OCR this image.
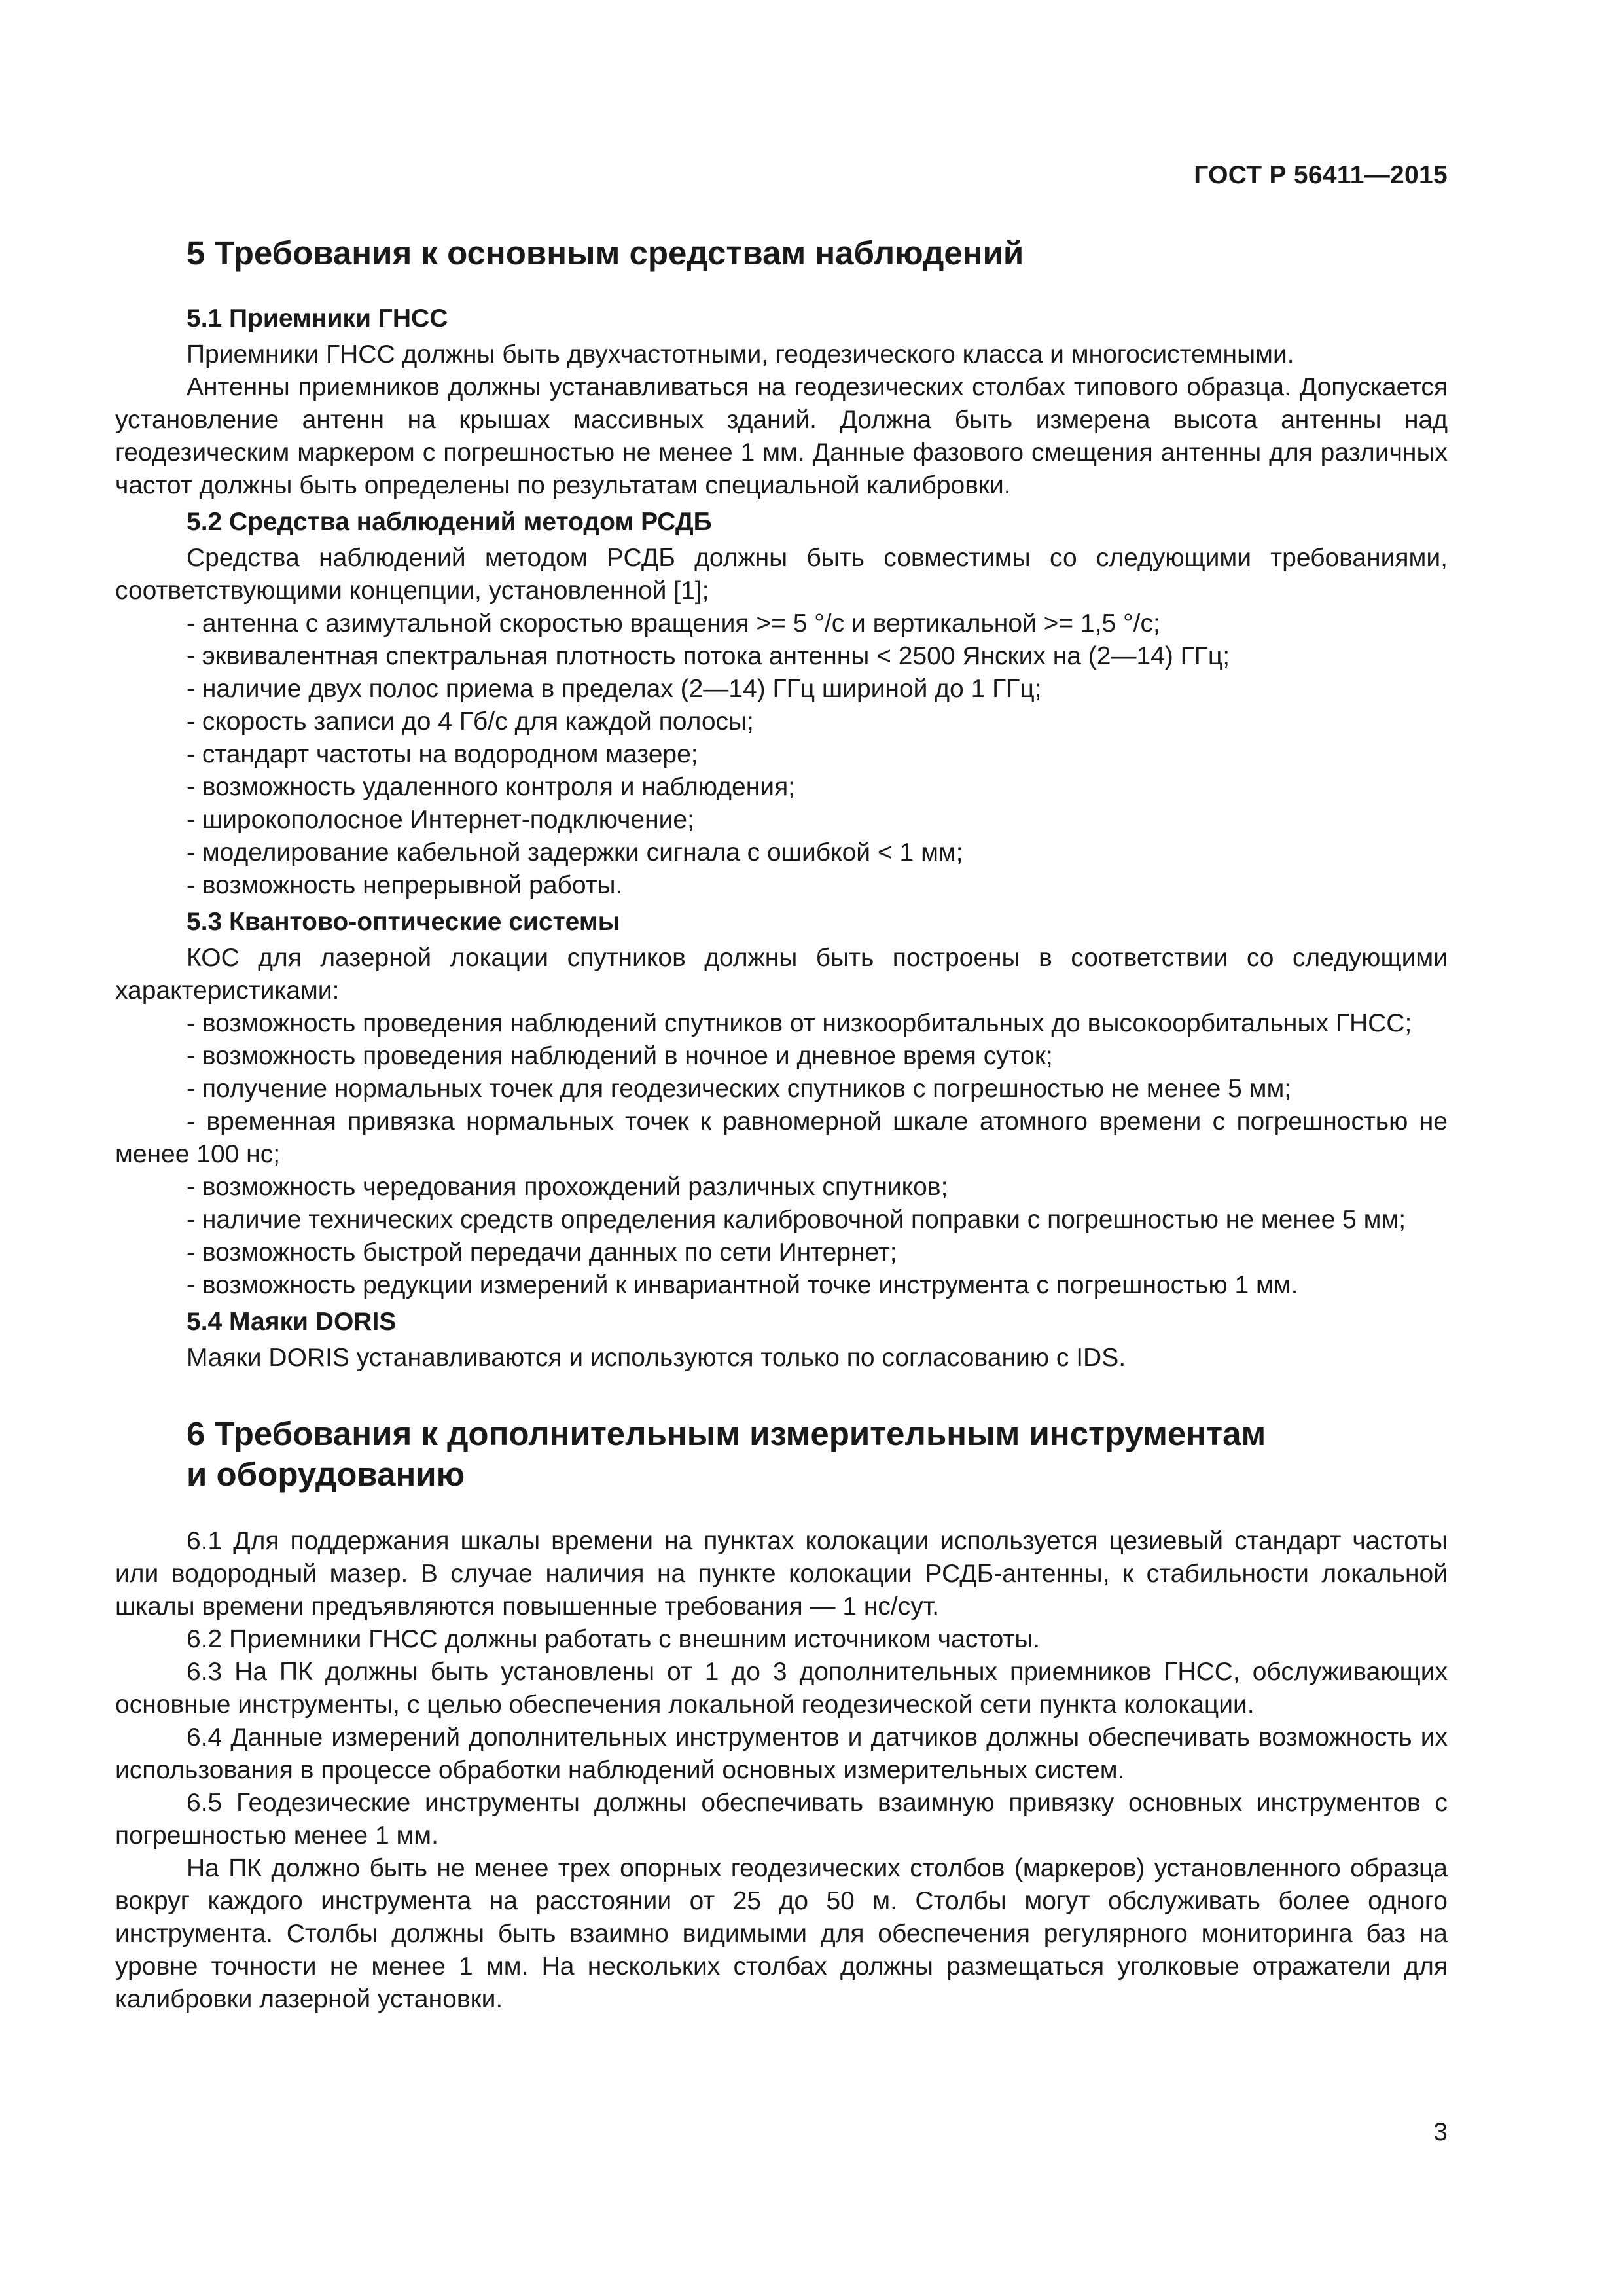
ГОСТ Р 56411—2015
5 Требования к основным средствам наблюдений
5.1 Приемники ГНСС

Приемники ГНСС должны быть двухчастотными, геодезического класса и многосистемными.

Антенны приемников должны устанавливаться на геодезических столбах типового образца. Допускается установление антенн на крышах массивных зданий. Должна быть измерена высота антенны над геодезическим маркером с погрешностью не менее 1 мм. Данные фазового смещения антенны для различных частот должны быть определены по результатам специальной калибровки.

5.2 Средства наблюдений методом РСДБ

Средства наблюдений методом РСДБ должны быть совместимы со следующими требованиями, соответствующими концепции, установленной [1];

- антенна с азимутальной скоростью вращения >= 5 °/с и вертикальной >= 1,5 °/с;

- эквивалентная спектральная плотность потока антенны < 2500 Янских на (2—14) ГГц;

- наличие двух полос приема в пределах (2—14) ГГц шириной до 1 ГГц;

- скорость записи до 4 Гб/с для каждой полосы;

- стандарт частоты на водородном мазере;

- возможность удаленного контроля и наблюдения;

- широкополосное Интернет-подключение;

- моделирование кабельной задержки сигнала с ошибкой < 1 мм;

- возможность непрерывной работы.

5.3 Квантово-оптические системы

КОС для лазерной локации спутников должны быть построены в соответствии со следующими характеристиками:

- возможность проведения наблюдений спутников от низкоорбитальных до высокоорбитальных ГНСС;

- возможность проведения наблюдений в ночное и дневное время суток;

- получение нормальных точек для геодезических спутников с погрешностью не менее 5 мм;

- временная привязка нормальных точек к равномерной шкале атомного времени с погрешностью не менее 100 нс;

- возможность чередования прохождений различных спутников;

- наличие технических средств определения калибровочной поправки с погрешностью не менее 5 мм;

- возможность быстрой передачи данных по сети Интернет;

- возможность редукции измерений к инвариантной точке инструмента с погрешностью 1 мм.

5.4 Маяки DORIS

Маяки DORIS устанавливаются и используются только по согласованию с IDS.

6 Требования к дополнительным измерительным инструментам
и оборудованию

6.1 Для поддержания шкалы времени на пунктах колокации используется цезиевый стандарт частоты или водородный мазер. В случае наличия на пункте колокации РСДБ-антенны, к стабильности локальной шкалы времени предъявляются повышенные требования — 1 нс/сут.

6.2 Приемники ГНСС должны работать с внешним источником частоты.

6.3 На ПК должны быть установлены от 1 до 3 дополнительных приемников ГНСС, обслуживающих основные инструменты, с целью обеспечения локальной геодезической сети пункта колокации.

6.4 Данные измерений дополнительных инструментов и датчиков должны обеспечивать возможность их использования в процессе обработки наблюдений основных измерительных систем.

6.5 Геодезические инструменты должны обеспечивать взаимную привязку основных инструментов с погрешностью менее 1 мм.

На ПК должно быть не менее трех опорных геодезических столбов (маркеров) установленного образца вокруг каждого инструмента на расстоянии от 25 до 50 м. Столбы могут обслуживать более одного инструмента. Столбы должны быть взаимно видимыми для обеспечения регулярного мониторинга баз на уровне точности не менее 1 мм. На нескольких столбах должны размещаться уголковые отражатели для калибровки лазерной установки.

3
